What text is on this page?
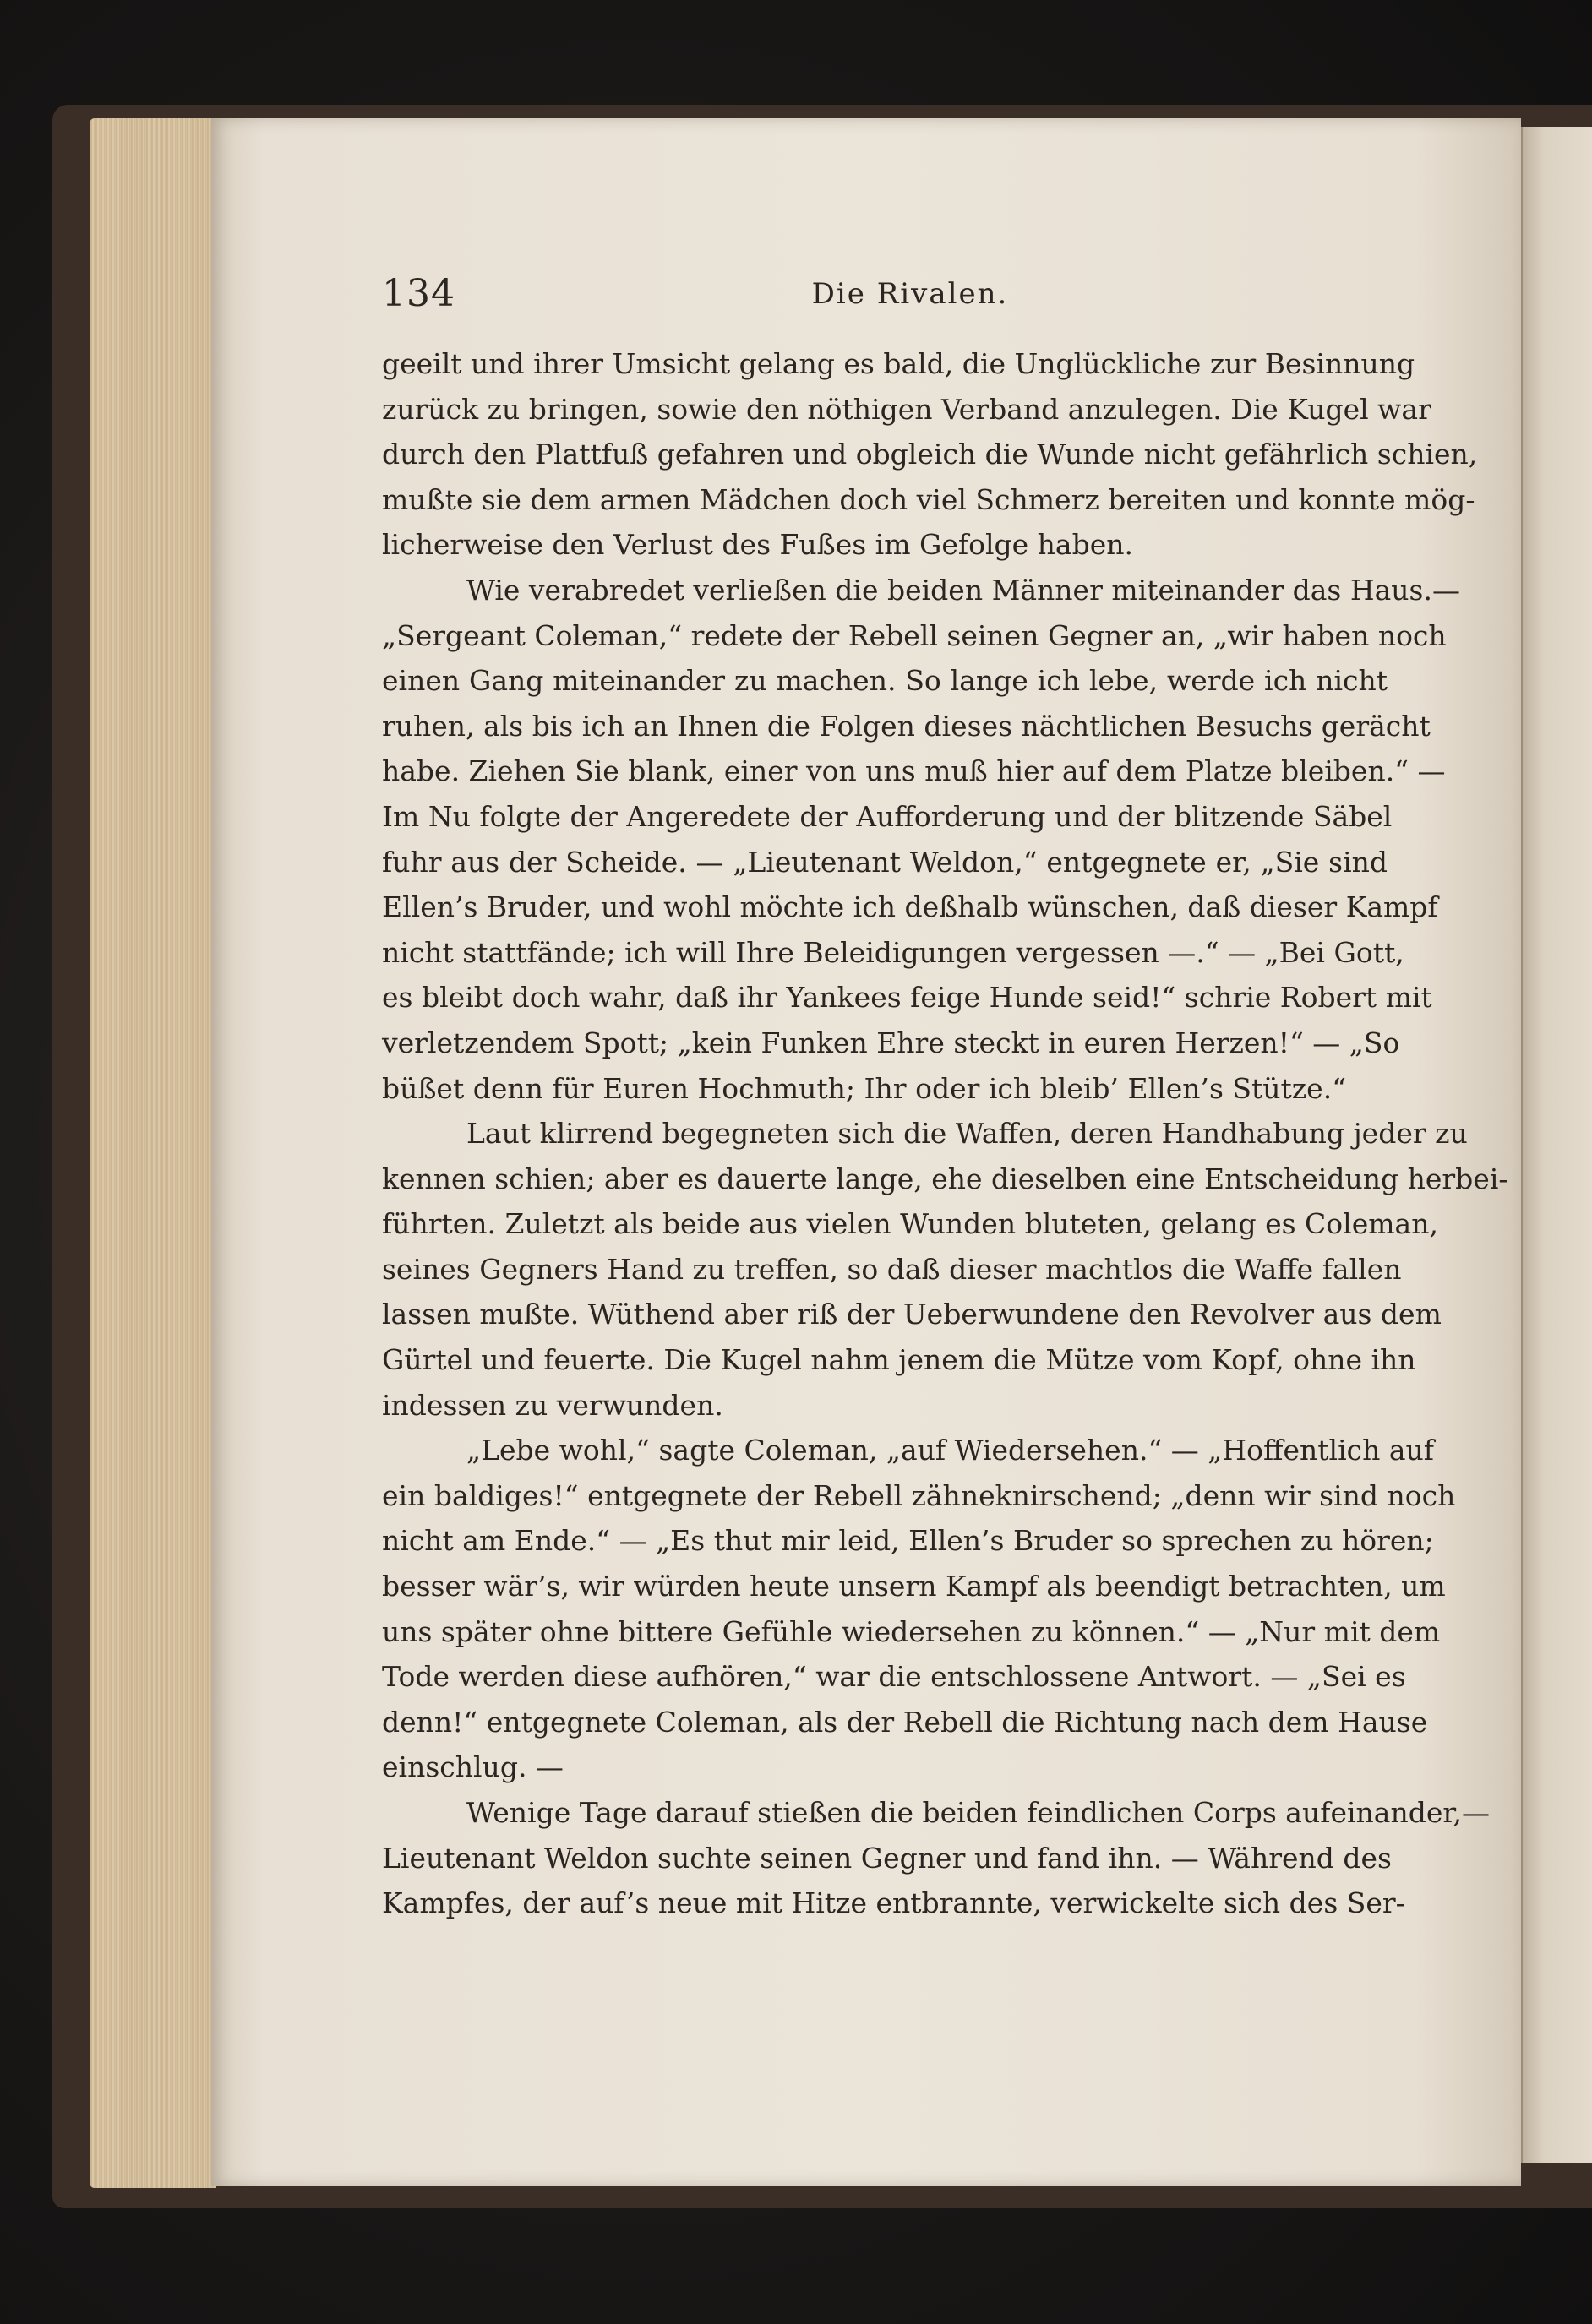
134	Die Rivalen.
geeilt und ihrer Umsicht gelang es bald, die Unglückliche zur Besinnung
zurück zu bringen, sowie den nöthigen Verband anzulegen. Die Kugel war
durch den Plattfuß gefahren und obgleich die Wunde nicht gefährlich schien,
mußte sie dem armen Mädchen doch viel Schmerz bereiten und konnte mög-
licherweise den Verlust des Fußes im Gefolge haben.
Wie verabredet verließen die beiden Männer miteinander das Haus.—
„Sergeant Coleman,“ redete der Rebell seinen Gegner an, „wir haben noch
einen Gang miteinander zu machen. So lange ich lebe, werde ich nicht
ruhen, als bis ich an Ihnen die Folgen dieses nächtlichen Besuchs gerächt
habe. Ziehen Sie blank, einer von uns muß hier auf dem Platze bleiben.“ —
Im Nu folgte der Angeredete der Aufforderung und der blitzende Säbel
fuhr aus der Scheide. — „Lieutenant Weldon,“ entgegnete er, „Sie sind
Ellen’s Bruder, und wohl möchte ich deßhalb wünschen, daß dieser Kampf
nicht stattfände; ich will Ihre Beleidigungen vergessen —.“ — „Bei Gott,
es bleibt doch wahr, daß ihr Yankees feige Hunde seid!“ schrie Robert mit
verletzendem Spott; „kein Funken Ehre steckt in euren Herzen!“ — „So
büßet denn für Euren Hochmuth; Ihr oder ich bleib’ Ellen’s Stütze.“
Laut klirrend begegneten sich die Waffen, deren Handhabung jeder zu
kennen schien; aber es dauerte lange, ehe dieselben eine Entscheidung herbei-
führten. Zuletzt als beide aus vielen Wunden bluteten, gelang es Coleman,
seines Gegners Hand zu treffen, so daß dieser machtlos die Waffe fallen
lassen mußte. Wüthend aber riß der Ueberwundene den Revolver aus dem
Gürtel und feuerte. Die Kugel nahm jenem die Mütze vom Kopf, ohne ihn
indessen zu verwunden.
„Lebe wohl,“ sagte Coleman, „auf Wiedersehen.“ — „Hoffentlich auf
ein baldiges!“ entgegnete der Rebell zähneknirschend; „denn wir sind noch
nicht am Ende.“ — „Es thut mir leid, Ellen’s Bruder so sprechen zu hören;
besser wär’s, wir würden heute unsern Kampf als beendigt betrachten, um
uns später ohne bittere Gefühle wiedersehen zu können.“ — „Nur mit dem
Tode werden diese aufhören,“ war die entschlossene Antwort. — „Sei es
denn!“ entgegnete Coleman, als der Rebell die Richtung nach dem Hause
einschlug. —
Wenige Tage darauf stießen die beiden feindlichen Corps aufeinander,—
Lieutenant Weldon suchte seinen Gegner und fand ihn. — Während des
Kampfes, der auf’s neue mit Hitze entbrannte, verwickelte sich des Ser-
